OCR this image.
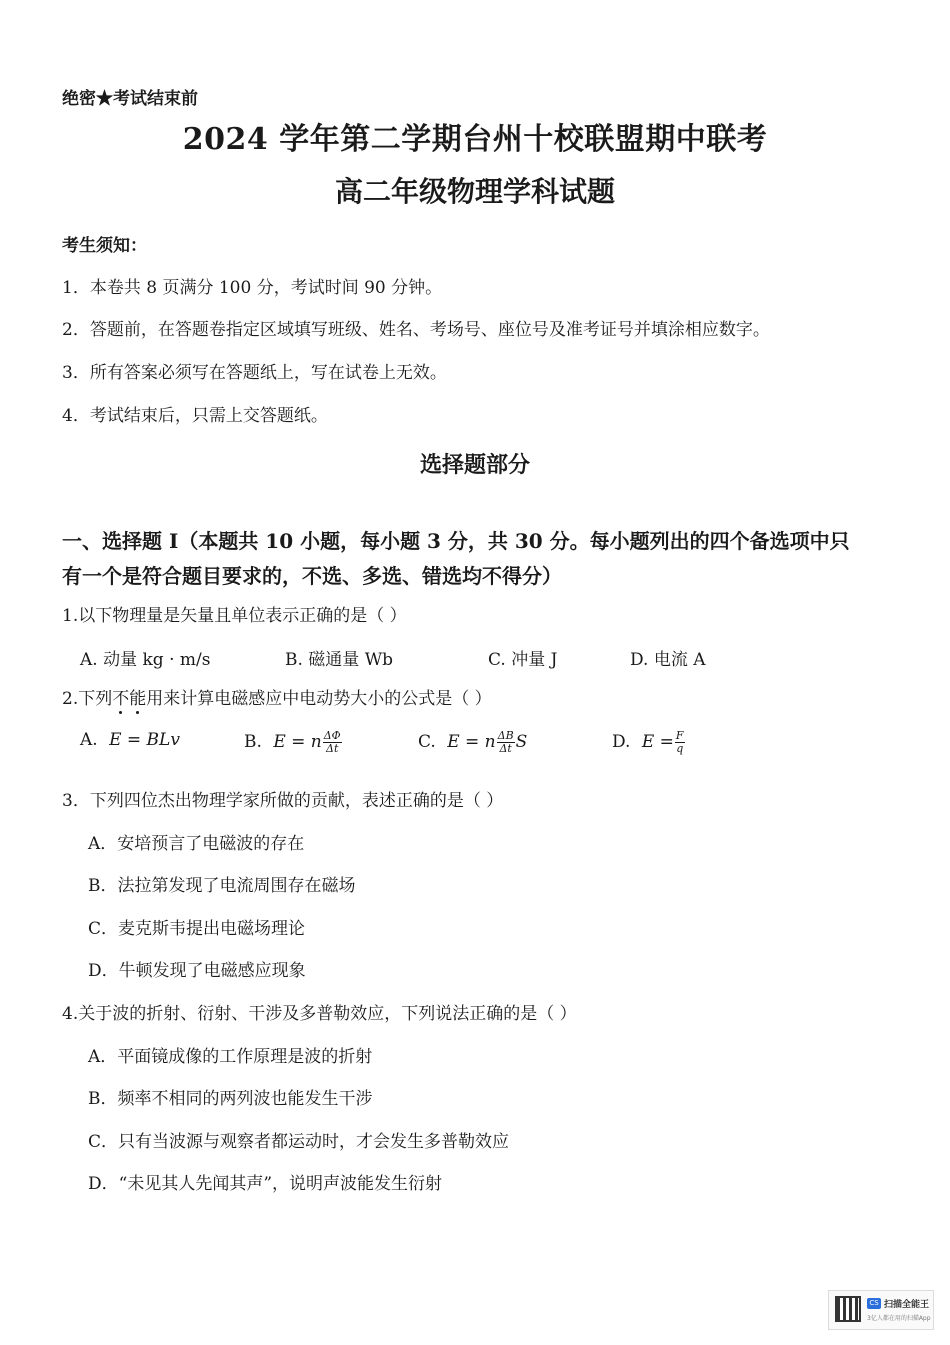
绝密★考试结束前
2024 学年第二学期台州十校联盟期中联考
高二年级物理学科试题
考生须知：
1．本卷共 8 页满分 100 分，考试时间 90 分钟。
2．答题前，在答题卷指定区域填写班级、姓名、考场号、座位号及准考证号并填涂相应数字。
3．所有答案必须写在答题纸上，写在试卷上无效。
4．考试结束后，只需上交答题纸。
选择题部分
一、选择题 I（本题共 10 小题，每小题 3 分，共 30 分。每小题列出的四个备选项中只
有一个是符合题目要求的，不选、多选、错选均不得分）
1.以下物理量是矢量且单位表示正确的是（ ）
A. 动量 kg · m/s	B. 磁通量 Wb	C. 冲量 J	D. 电流 A
2.下列不能用来计算电磁感应中电动势大小的公式是（ ）
A. E = BLv	B. E = n $\frac{\Delta\Phi}{\Delta t}$	C. E = n $\frac{\Delta B}{\Delta t}$ S	D. $E = \frac{F}{q}$
3．下列四位杰出物理学家所做的贡献，表述正确的是（ ）
A．安培预言了电磁波的存在
B．法拉第发现了电流周围存在磁场
C．麦克斯韦提出电磁场理论
D．牛顿发现了电磁感应现象
4.关于波的折射、衍射、干涉及多普勒效应，下列说法正确的是（ ）
A．平面镜成像的工作原理是波的折射
B．频率不相同的两列波也能发生干涉
C．只有当波源与观察者都运动时，才会发生多普勒效应
D．“未见其人先闻其声”，说明声波能发生衍射
CS 扫描全能王
3亿人都在用的扫描App
